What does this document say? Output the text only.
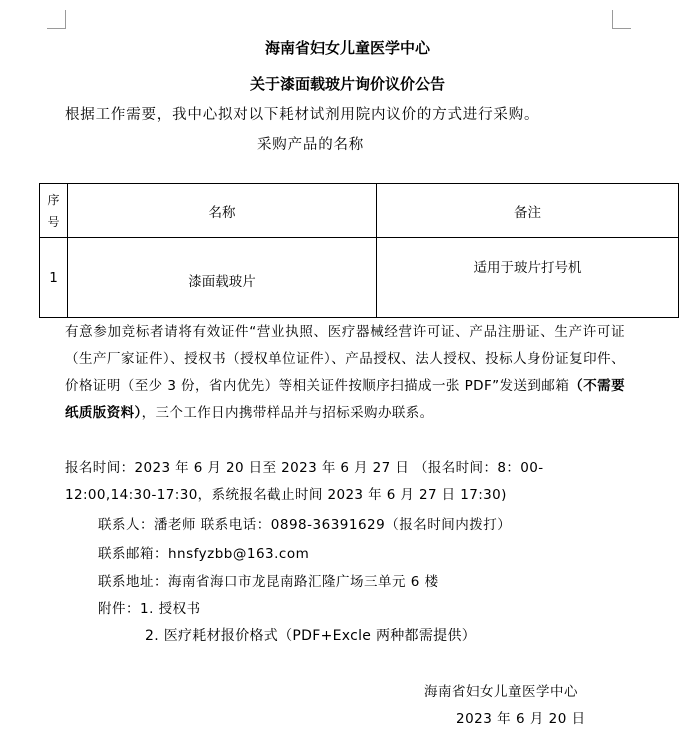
海南省妇女儿童医学中心
关于漆面载玻片询价议价公告
根据工作需要，我中心拟对以下耗材试剂用院内议价的方式进行采购。
采购产品的名称
序
号	名称	备注
1	漆面载玻片	适用于玻片打号机
有意参加竞标者请将有效证件“营业执照、医疗器械经营许可证、产品注册证、生产许可证（生产厂家证件）、授权书（授权单位证件）、产品授权、法人授权、投标人身份证复印件、价格证明（至少 3 份，省内优先）等相关证件按顺序扫描成一张 PDF”发送到邮箱（不需要纸质版资料），三个工作日内携带样品并与招标采购办联系。
报名时间：2023 年 6 月 20 日至 2023 年 6 月 27 日 （报名时间：8：00-12:00,14:30-17:30，系统报名截止时间 2023 年 6 月 27 日 17:30)
联系人：潘老师 联系电话：0898-36391629（报名时间内拨打）
联系邮箱：hnsfyzbb@163.com
联系地址：海南省海口市龙昆南路汇隆广场三单元 6 楼
附件：1. 授权书
2. 医疗耗材报价格式（PDF+Excle 两种都需提供）
海南省妇女儿童医学中心
2023 年 6 月 20 日
